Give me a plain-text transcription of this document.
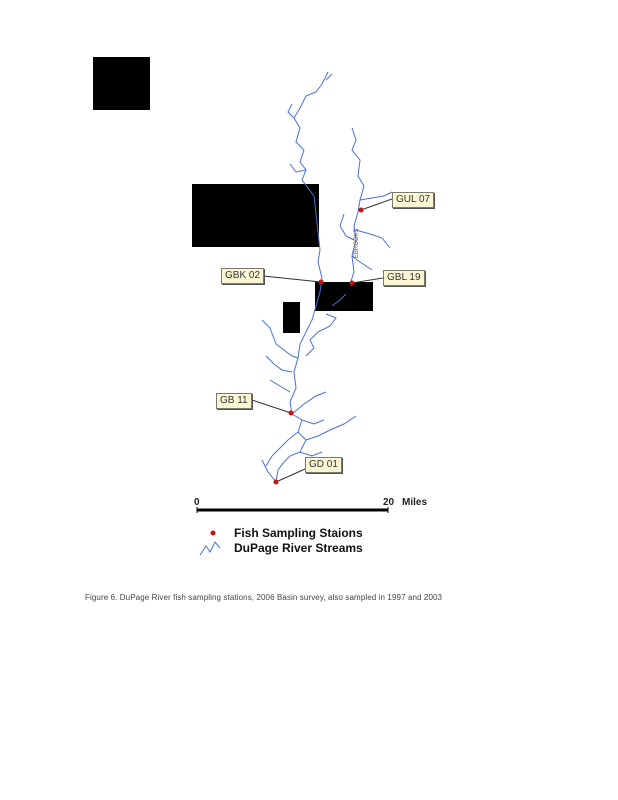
GUL 07
GBK 02	GBL 19
GB 11
GD 01
EBROOKS
0	20 Miles
Fish Sampling Staions
DuPage River Streams
Figure 6. DuPage River fish sampling stations, 2006 Basin survey, also sampled in 1997 and 2003
